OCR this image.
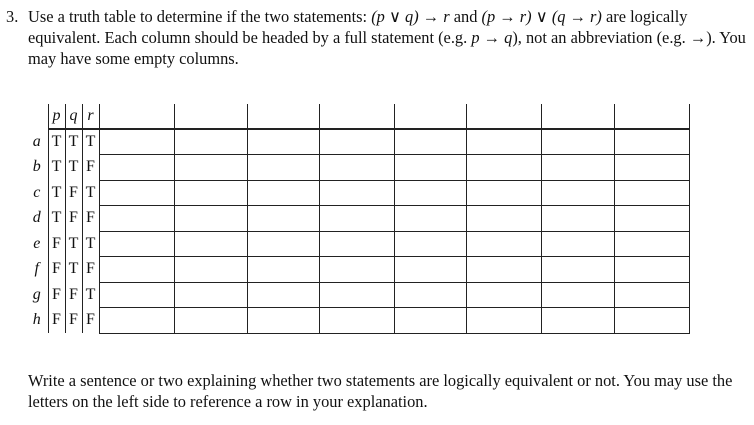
3. Use a truth table to determine if the two statements: (p ∨ q) → r and (p → r) ∨ (q → r) are logically equivalent. Each column should be headed by a full statement (e.g. p → q), not an abbreviation (e.g. →). You may have some empty columns.

	p	q	r								
a	T	T	T								
b	T	T	F								
c	T	F	T								
d	T	F	F								
e	F	T	T								
f	F	T	F								
g	F	F	T								
h	F	F	F								

Write a sentence or two explaining whether two statements are logically equivalent or not. You may use the letters on the left side to reference a row in your explanation.
